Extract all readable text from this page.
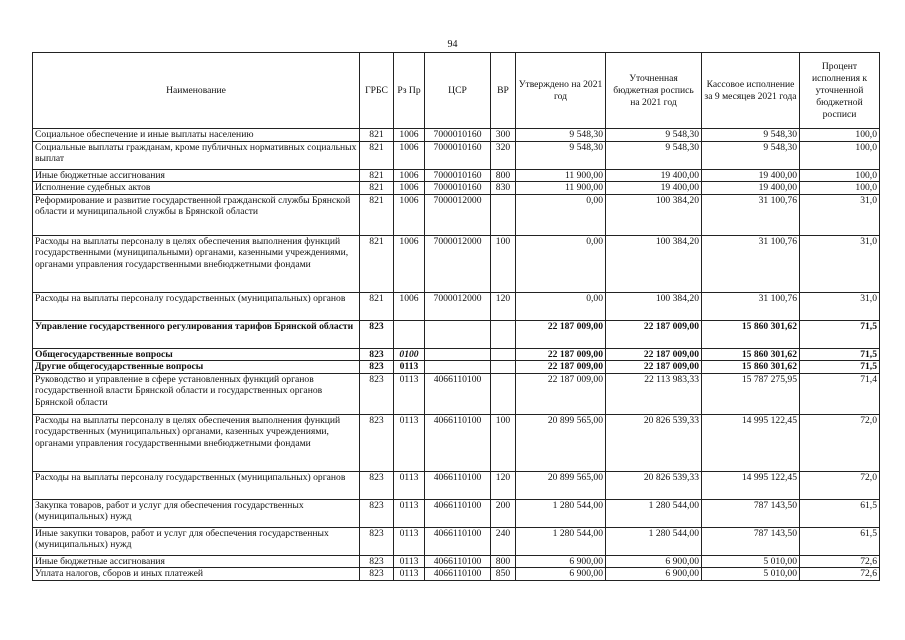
94
Наименование	ГРБС	Рз Пр	ЦСР	ВР	Утверждено на 2021 год	Уточненная бюджетная роспись на 2021 год	Кассовое исполнение за 9 месяцев 2021 года	Процент исполнения к уточненной бюджетной росписи
Социальное обеспечение и иные выплаты населению	821	1006	7000010160	300	9 548,30	9 548,30	9 548,30	100,0
Социальные выплаты гражданам, кроме публичных нормативных социальных выплат	821	1006	7000010160	320	9 548,30	9 548,30	9 548,30	100,0
Иные бюджетные ассигнования	821	1006	7000010160	800	11 900,00	19 400,00	19 400,00	100,0
Исполнение судебных актов	821	1006	7000010160	830	11 900,00	19 400,00	19 400,00	100,0
Реформирование и развитие государственной гражданской службы Брянской области и муниципальной службы в Брянской области	821	1006	7000012000		0,00	100 384,20	31 100,76	31,0
Расходы на выплаты персоналу в целях обеспечения выполнения функций государственными (муниципальными) органами, казенными учреждениями, органами управления государственными внебюджетными фондами	821	1006	7000012000	100	0,00	100 384,20	31 100,76	31,0
Расходы на выплаты персоналу государственных (муниципальных) органов	821	1006	7000012000	120	0,00	100 384,20	31 100,76	31,0
Управление государственного регулирования тарифов Брянской области	823				22 187 009,00	22 187 009,00	15 860 301,62	71,5
Общегосударственные вопросы	823	0100			22 187 009,00	22 187 009,00	15 860 301,62	71,5
Другие общегосударственные вопросы	823	0113			22 187 009,00	22 187 009,00	15 860 301,62	71,5
Руководство и управление в сфере установленных функций органов государственной власти Брянской области и государственных органов Брянской области	823	0113	4066110100		22 187 009,00	22 113 983,33	15 787 275,95	71,4
Расходы на выплаты персоналу в целях обеспечения выполнения функций государственных (муниципальных) органами, казенных учреждениями, органами управления государственными внебюджетными фондами	823	0113	4066110100	100	20 899 565,00	20 826 539,33	14 995 122,45	72,0
Расходы на выплаты персоналу государственных (муниципальных) органов	823	0113	4066110100	120	20 899 565,00	20 826 539,33	14 995 122,45	72,0
Закупка товаров, работ и услуг для обеспечения государственных (муниципальных) нужд	823	0113	4066110100	200	1 280 544,00	1 280 544,00	787 143,50	61,5
Иные закупки товаров, работ и услуг для обеспечения государственных (муниципальных) нужд	823	0113	4066110100	240	1 280 544,00	1 280 544,00	787 143,50	61,5
Иные бюджетные ассигнования	823	0113	4066110100	800	6 900,00	6 900,00	5 010,00	72,6
Уплата налогов, сборов и иных платежей	823	0113	4066110100	850	6 900,00	6 900,00	5 010,00	72,6
